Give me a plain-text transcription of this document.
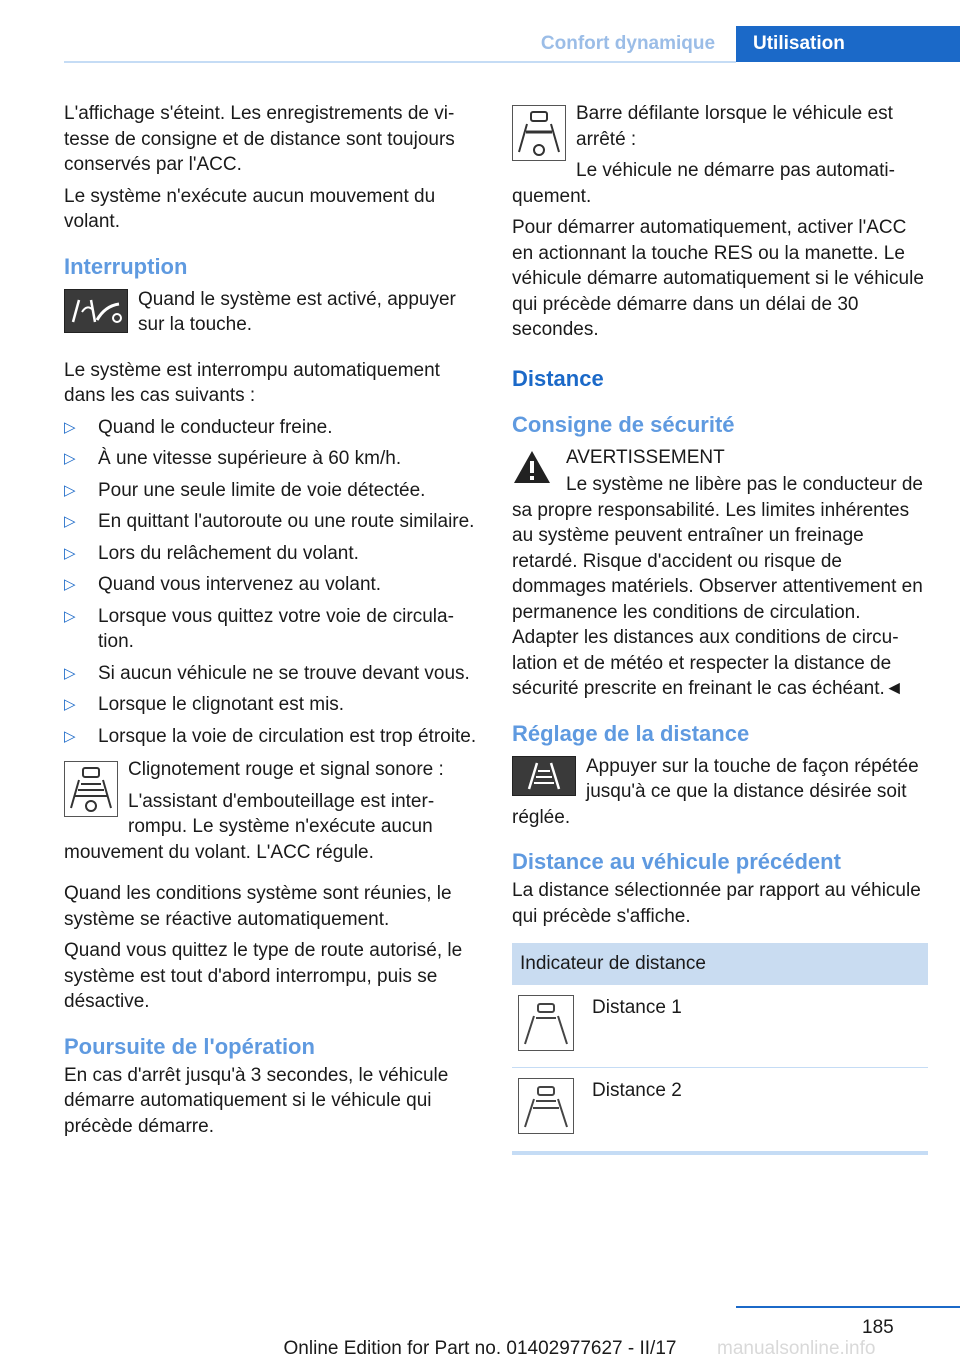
Confort dynamique	Utilisation

L'affichage s'éteint. Les enregistrements de vitesse de consigne et de distance sont toujours conservés par l'ACC.

Le système n'exécute aucun mouvement du volant.

Interruption

Quand le système est activé, appuyer sur la touche.

Le système est interrompu automatiquement dans les cas suivants :

▷ Quand le conducteur freine.
▷ À une vitesse supérieure à 60 km/h.
▷ Pour une seule limite de voie détectée.
▷ En quittant l'autoroute ou une route similaire.
▷ Lors du relâchement du volant.
▷ Quand vous intervenez au volant.
▷ Lorsque vous quittez votre voie de circulation.
▷ Si aucun véhicule ne se trouve devant vous.
▷ Lorsque le clignotant est mis.
▷ Lorsque la voie de circulation est trop étroite.

Clignotement rouge et signal sonore :

L'assistant d'embouteillage est interrompu. Le système n'exécute aucun mouvement du volant. L'ACC régule.

Quand les conditions système sont réunies, le système se réactive automatiquement.

Quand vous quittez le type de route autorisé, le système est tout d'abord interrompu, puis se désactive.

Poursuite de l'opération

En cas d'arrêt jusqu'à 3 secondes, le véhicule démarre automatiquement si le véhicule qui précède démarre.

Barre défilante lorsque le véhicule est arrêté :

Le véhicule ne démarre pas automatiquement.

Pour démarrer automatiquement, activer l'ACC en actionnant la touche RES ou la manette. Le véhicule démarre automatiquement si le véhicule qui précède démarre dans un délai de 30 secondes.

Distance
Consigne de sécurité

AVERTISSEMENT

Le système ne libère pas le conducteur de sa propre responsabilité. Les limites inhérentes au système peuvent entraîner un freinage retardé. Risque d'accident ou risque de dommages matériels. Observer attentivement en permanence les conditions de circulation. Adapter les distances aux conditions de circulation et de météo et respecter la distance de sécurité prescrite en freinant le cas échéant.◄

Réglage de la distance

Appuyer sur la touche de façon répétée jusqu'à ce que la distance désirée soit réglée.

Distance au véhicule précédent

La distance sélectionnée par rapport au véhicule qui précède s'affiche.

Indicateur de distance	
	Distance 1
	Distance 2
185
Online Edition for Part no. 01402977627 - II/17	manualsonline.info
